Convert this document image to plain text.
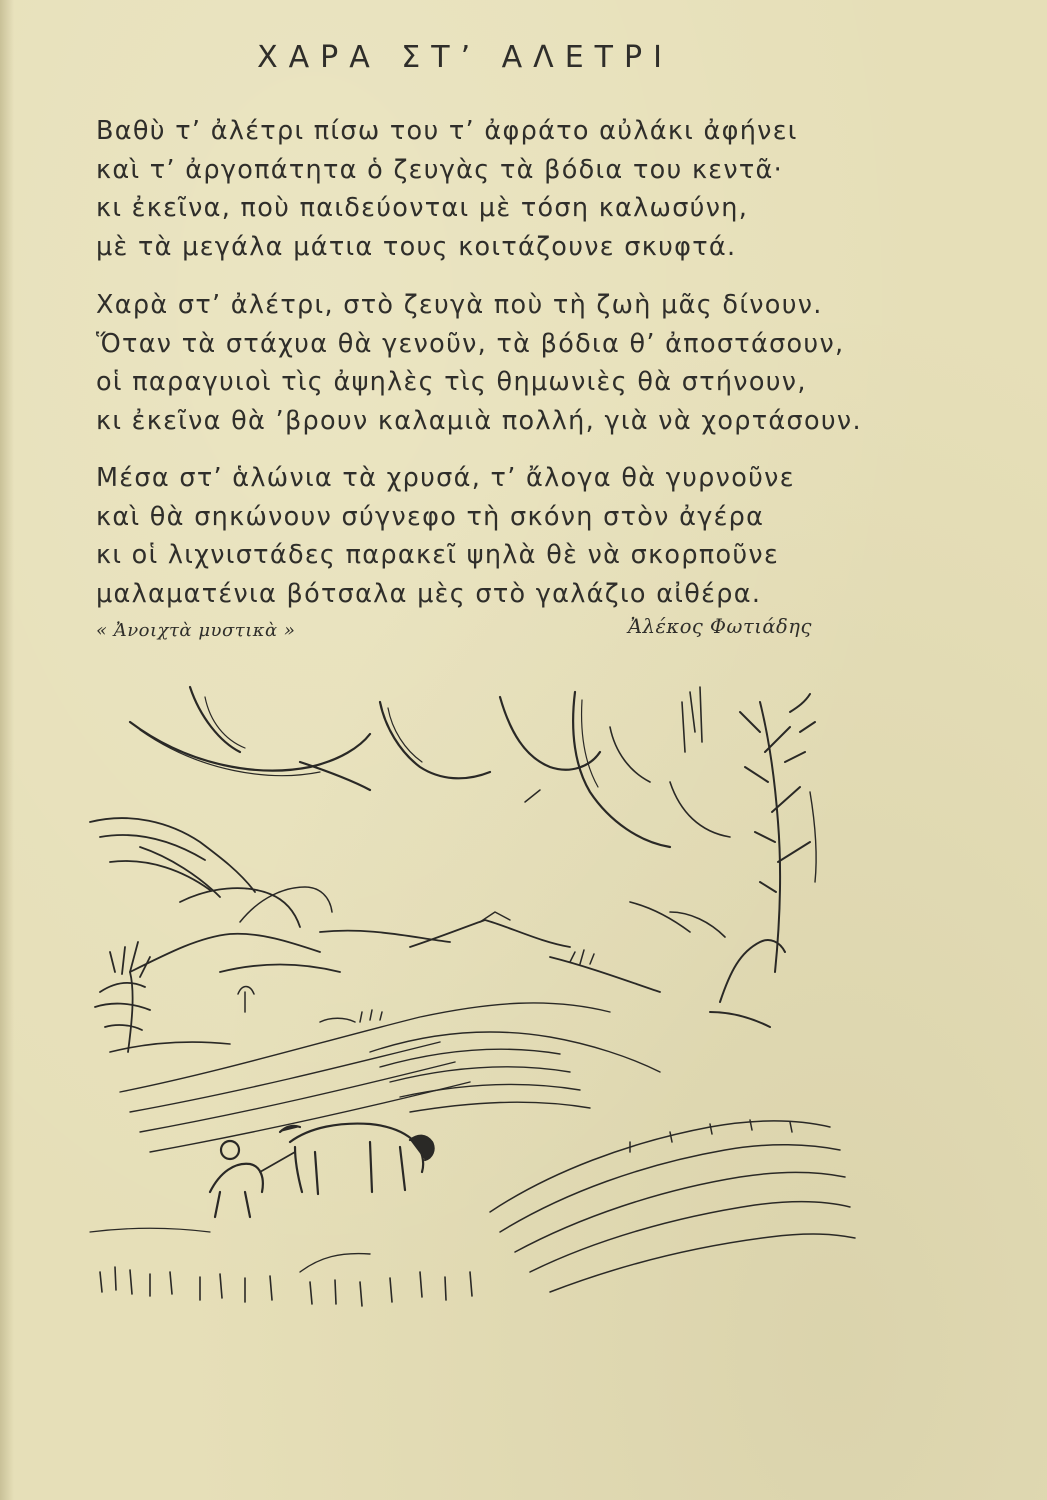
ΧΑΡΑ ΣΤ’ ΑΛΕΤΡΙ
Βαθὺ τ’ ἀλέτρι πίσω του τ’ ἀφράτο αὐλάκι ἀφήνει
καὶ τ’ ἀργοπάτητα ὁ ζευγὰς τὰ βόδια του κεντᾶ·
κι ἐκεῖνα, ποὺ παιδεύονται μὲ τόση καλωσύνη,
μὲ τὰ μεγάλα μάτια τους κοιτάζουνε σκυφτά.
Χαρὰ στ’ ἀλέτρι, στὸ ζευγὰ ποὺ τὴ ζωὴ μᾶς δίνουν.
Ὅταν τὰ στάχυα θὰ γενοῦν, τὰ βόδια θ’ ἀποστάσουν,
οἱ παραγυιοὶ τὶς ἀψηλὲς τὶς θημωνιὲς θὰ στήνουν,
κι ἐκεῖνα θὰ ’βρουν καλαμιὰ πολλή, γιὰ νὰ χορτάσουν.
Μέσα στ’ ἁλώνια τὰ χρυσά, τ’ ἄλογα θὰ γυρνοῦνε
καὶ θὰ σηκώνουν σύγνεφο τὴ σκόνη στὸν ἀγέρα
κι οἱ λιχνιστάδες παρακεῖ ψηλὰ θὲ νὰ σκορποῦνε
μαλαματένια βότσαλα μὲς στὸ γαλάζιο αἰθέρα.
« Ἀνοιχτὰ μυστικὰ »	Ἀλέκος Φωτιάδης
